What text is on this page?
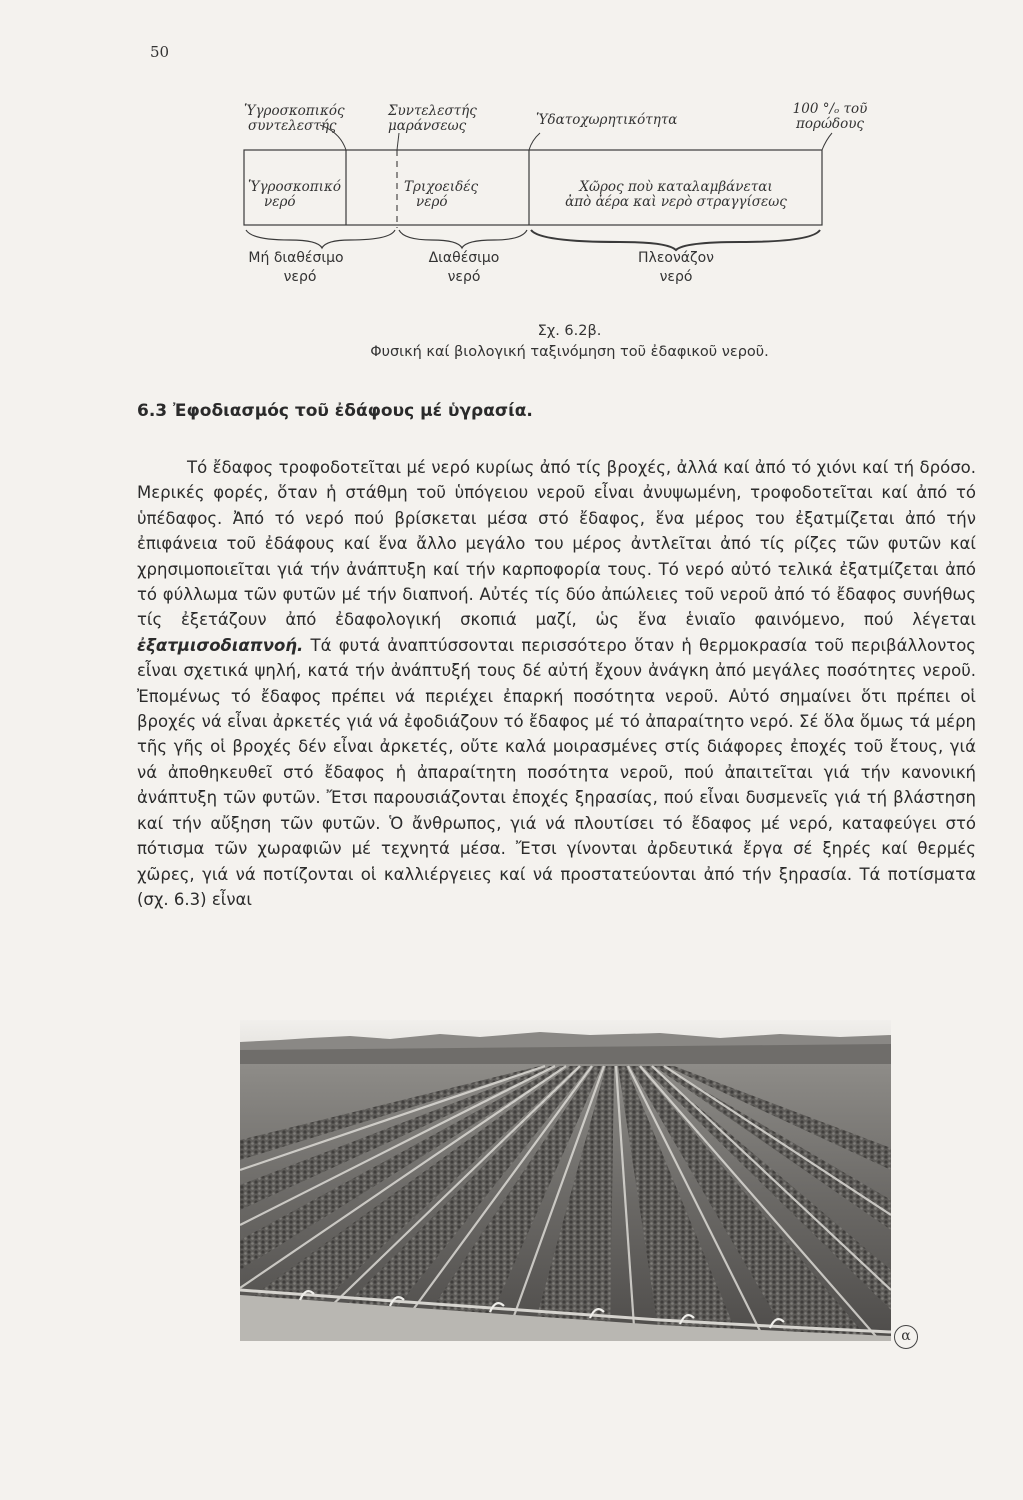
50
Ὑγροσκοπικός
συντελεστής
Συντελεστής
μαράνσεως	Ὑδατοχωρητικότητα
100 °/ₒ τοῦ
πορώδους
Ὑγροσκοπικό
νερό
Τριχοειδές
νερό
Χῶρος ποὺ καταλαμβάνεται
ἀπὸ ἀέρα καὶ νερὸ στραγγίσεως
Μή διαθέσιμο
νερό
Διαθέσιμο
νερό
Πλεονάζον
νερό
Σχ. 6.2β.
Φυσική καί βιολογική ταξινόμηση τοῦ ἐδαφικοῦ νεροῦ.
6.3 Ἐφοδιασμός τοῦ ἐδάφους μέ ὑγρασία.

Τό ἔδαφος τροφοδοτεῖται μέ νερό κυρίως ἀπό τίς βροχές, ἀλλά καί ἀπό τό χιόνι καί τή δρόσο. Μερικές φορές, ὅταν ἡ στάθμη τοῦ ὑπόγειου νεροῦ εἶναι ἀνυψωμένη, τροφοδοτεῖται καί ἀπό τό ὑπέδαφος. Ἀπό τό νερό πού βρίσκεται μέσα στό ἔδαφος, ἕνα μέρος του ἐξατμίζεται ἀπό τήν ἐπιφάνεια τοῦ ἐδάφους καί ἕνα ἄλλο μεγάλο του μέρος ἀντλεῖται ἀπό τίς ρίζες τῶν φυτῶν καί χρησιμοποιεῖται γιά τήν ἀνάπτυξη καί τήν καρποφορία τους. Τό νερό αὐτό τελικά ἐξατμίζεται ἀπό τό φύλλωμα τῶν φυτῶν μέ τήν διαπνοή. Αὐτές τίς δύο ἀπώλειες τοῦ νεροῦ ἀπό τό ἔδαφος συνήθως τίς ἐξετάζουν ἀπό ἐδαφολογική σκοπιά μαζί, ὡς ἕνα ἑνιαῖο φαινόμενο, πού λέγεται ἐξατμισοδιαπνοή. Τά φυτά ἀναπτύσσονται περισσότερο ὅταν ἡ θερμοκρασία τοῦ περιβάλλοντος εἶναι σχετικά ψηλή, κατά τήν ἀνάπτυξή τους δέ αὐτή ἔχουν ἀνάγκη ἀπό μεγάλες ποσότητες νεροῦ. Ἐπομένως τό ἔδαφος πρέπει νά περιέχει ἐπαρκή ποσότητα νεροῦ. Αὐτό σημαίνει ὅτι πρέπει οἱ βροχές νά εἶναι ἀρκετές γιά νά ἐφοδιάζουν τό ἔδαφος μέ τό ἀπαραίτητο νερό. Σέ ὅλα ὅμως τά μέρη τῆς γῆς οἱ βροχές δέν εἶναι ἀρκετές, οὔτε καλά μοιρασμένες στίς διάφορες ἐποχές τοῦ ἔτους, γιά νά ἀποθηκευθεῖ στό ἔδαφος ἡ ἀπαραίτητη ποσότητα νεροῦ, πού ἀπαιτεῖται γιά τήν κανονική ἀνάπτυξη τῶν φυτῶν. Ἔτσι παρουσιάζονται ἐποχές ξηρασίας, πού εἶναι δυσμενεῖς γιά τή βλάστηση καί τήν αὔξηση τῶν φυτῶν. Ὁ ἄνθρωπος, γιά νά πλουτίσει τό ἔδαφος μέ νερό, καταφεύγει στό πότισμα τῶν χωραφιῶν μέ τεχνητά μέσα. Ἔτσι γίνονται ἀρδευτικά ἔργα σέ ξηρές καί θερμές χῶρες, γιά νά ποτίζονται οἱ καλλιέργειες καί νά προστατεύονται ἀπό τήν ξηρασία. Τά ποτίσματα (σχ. 6.3) εἶναι

α
